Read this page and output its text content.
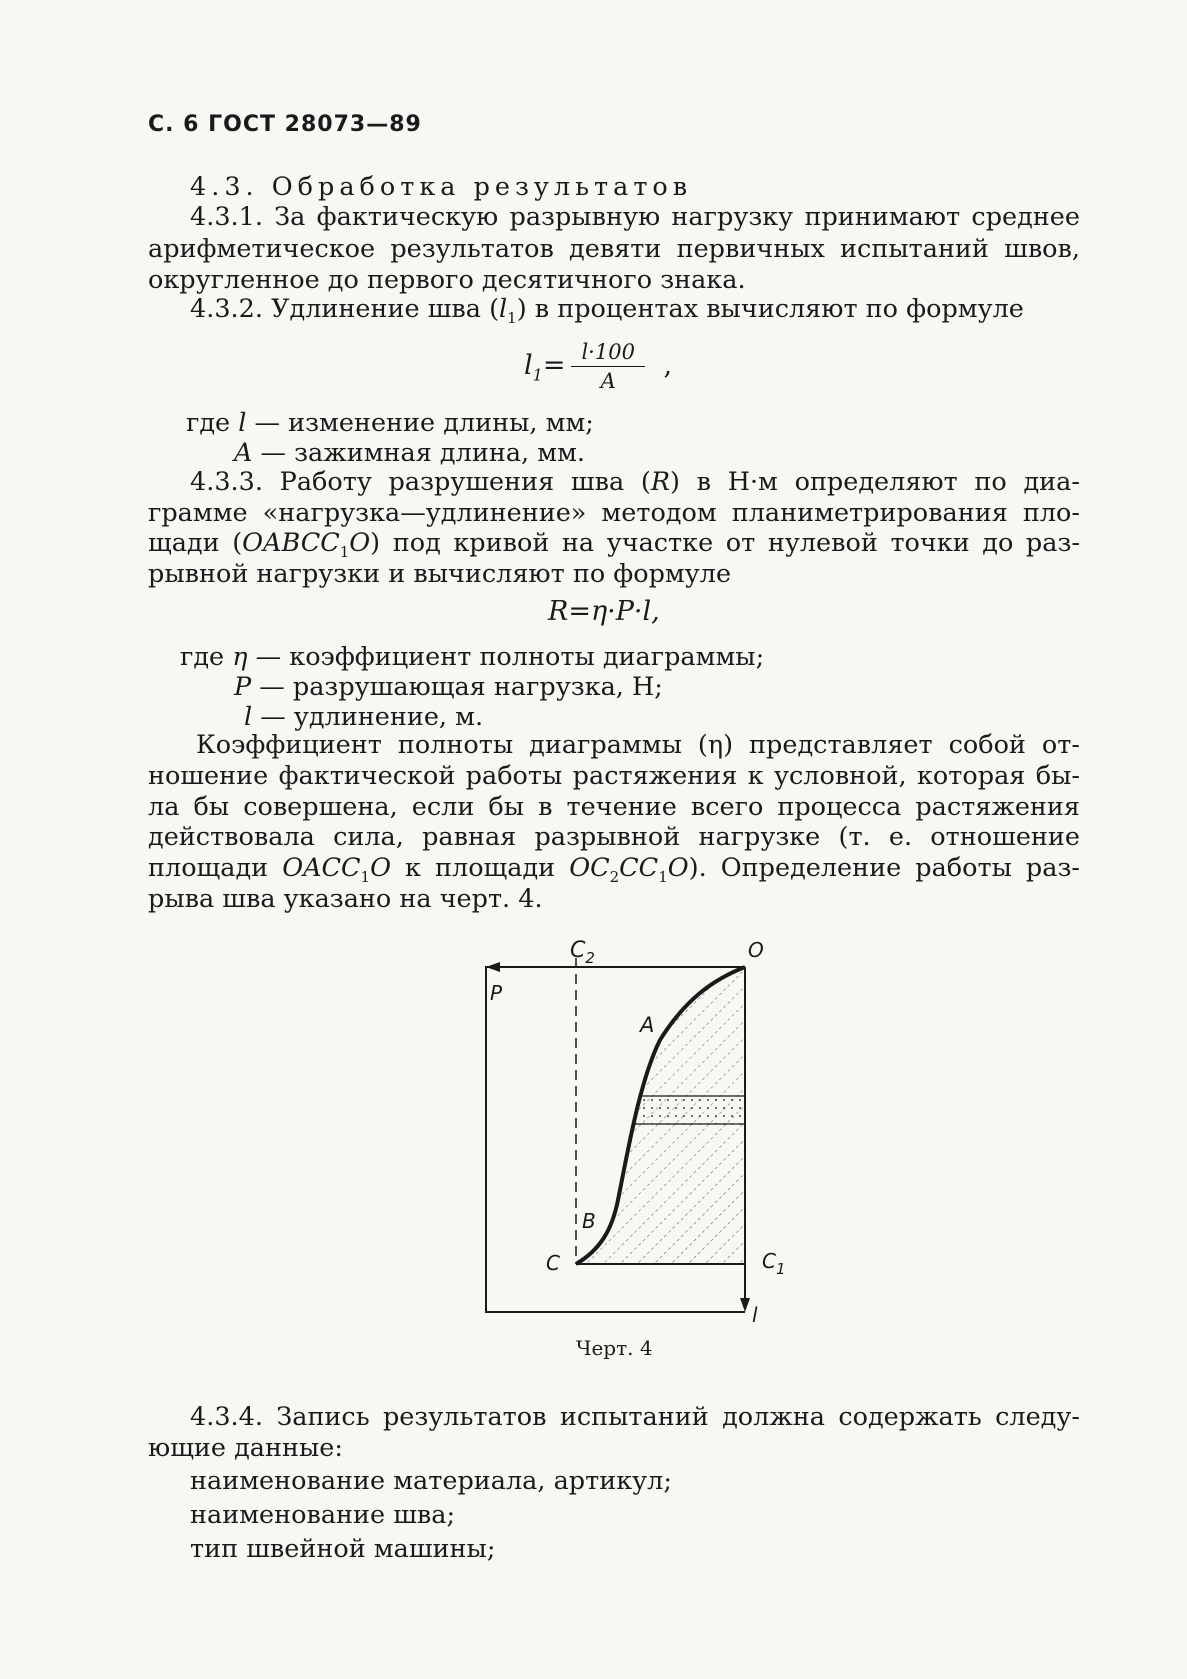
С. 6 ГОСТ 28073—89
4.3. Обработка результатов
4.3.1. За фактическую разрывную нагрузку принимают среднее
арифметическое результатов девяти первичных испытаний швов,
округленное до первого десятичного знака.
4.3.2. Удлинение шва $(l_1)$ в процентах вычисляют по формуле
$l_1= \frac{l\cdot 100}{A}$ ,
где l — изменение длины, мм;
A — зажимная длина, мм.
4.3.3. Работу разрушения шва (R) в Н·м определяют по диа-
грамме «нагрузка—удлинение» методом планиметрирования пло-
щади $(OABCC_1O)$ под кривой на участке от нулевой точки до раз-
рывной нагрузки и вычисляют по формуле
R=η·P·l,
где η — коэффициент полноты диаграммы;
P — разрушающая нагрузка, Н;
l — удлинение, м.
Коэффициент полноты диаграммы (η) представляет собой от-
ношение фактической работы растяжения к условной, которая бы-
ла бы совершена, если бы в течение всего процесса растяжения
действовала сила, равная разрывной нагрузке (т. е. отношение
площади $OACC_1O$ к площади $OC_2CC_1O$). Определение работы раз-
рыва шва указано на черт. 4.
$C_2$	O
P
A
B
C	$C_1$
l
Черт. 4
4.3.4. Запись результатов испытаний должна содержать следу-
ющие данные:
наименование материала, артикул;
наименование шва;
тип швейной машины;
